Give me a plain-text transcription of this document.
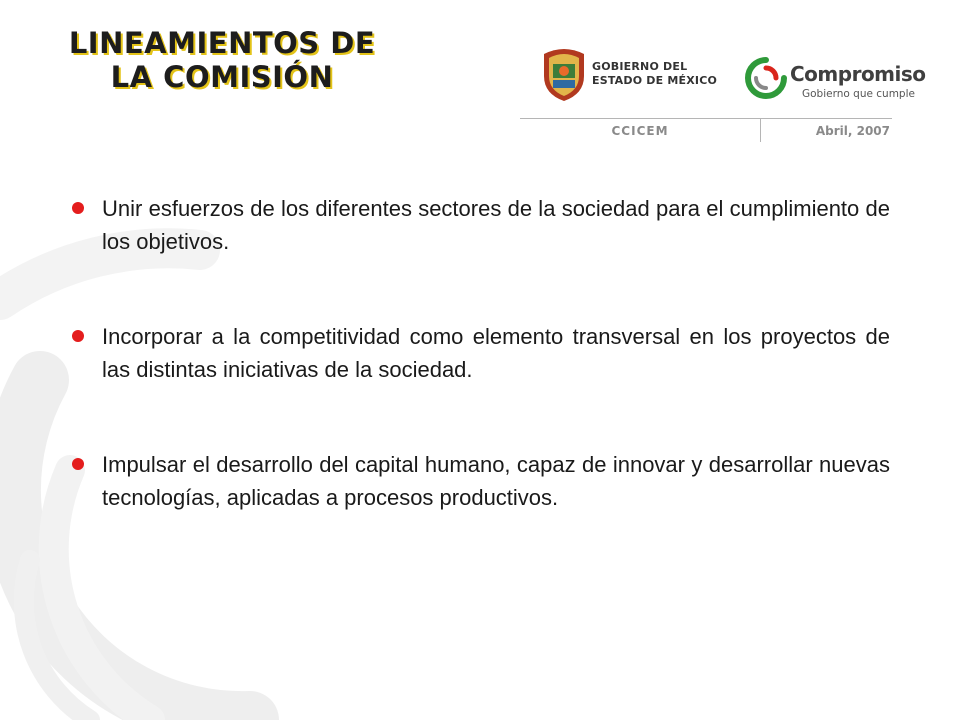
LINEAMIENTOS DE
LA COMISIÓN	GOBIERNO DEL
ESTADO DE MÉXICO	Compromiso
Gobierno que cumple
CCICEM	Abril, 2007
Unir esfuerzos de los diferentes sectores de la sociedad para el cumplimiento de los objetivos.
Incorporar a la competitividad como elemento transversal en los proyectos de las distintas iniciativas de la sociedad.
Impulsar el desarrollo del capital humano, capaz de innovar y desarrollar nuevas tecnologías, aplicadas a procesos productivos.
